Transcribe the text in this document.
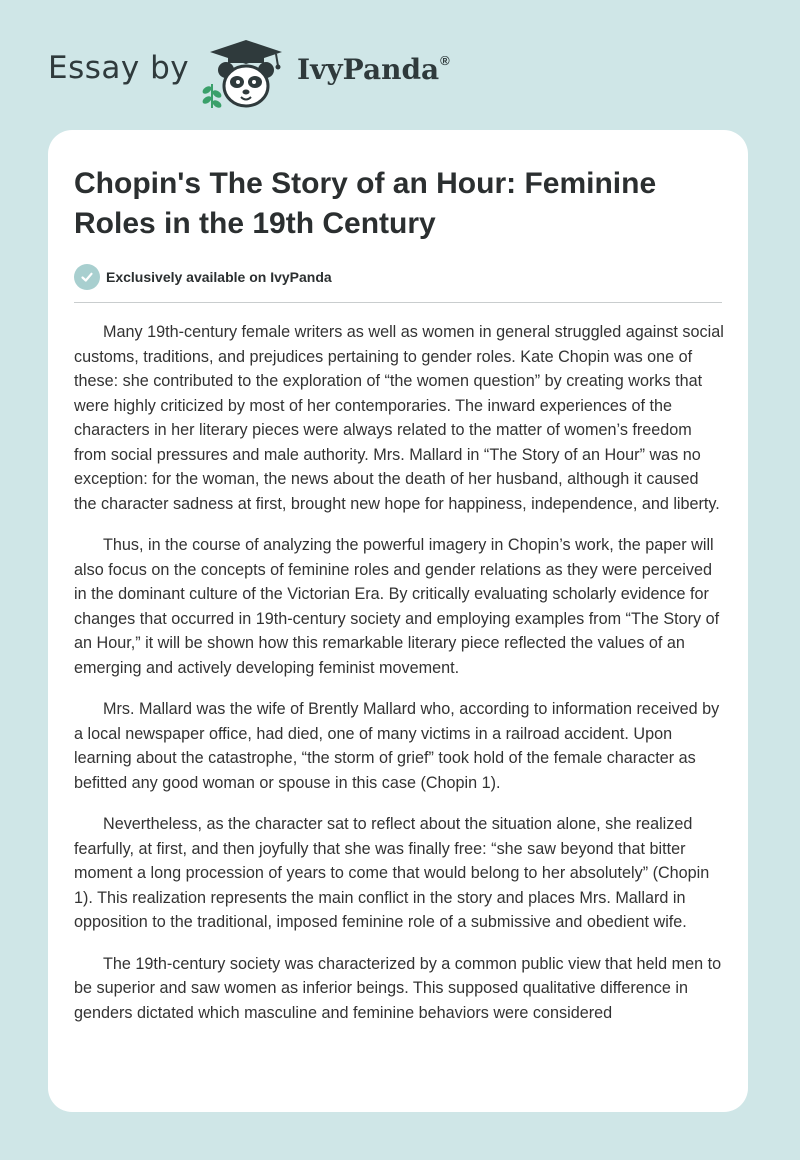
Essay by	IvyPanda®
Chopin's The Story of an Hour: Feminine Roles in the 19th Century
Exclusively available on IvyPanda

Many 19th-century female writers as well as women in general struggled against social customs, traditions, and prejudices pertaining to gender roles. Kate Chopin was one of these: she contributed to the exploration of “the women question” by creating works that were highly criticized by most of her contemporaries. The inward experiences of the characters in her literary pieces were always related to the matter of women’s freedom from social pressures and male authority. Mrs. Mallard in “The Story of an Hour” was no exception: for the woman, the news about the death of her husband, although it caused the character sadness at first, brought new hope for happiness, independence, and liberty.

Thus, in the course of analyzing the powerful imagery in Chopin’s work, the paper will also focus on the concepts of feminine roles and gender relations as they were perceived in the dominant culture of the Victorian Era. By critically evaluating scholarly evidence for changes that occurred in 19th-century society and employing examples from “The Story of an Hour,” it will be shown how this remarkable literary piece reflected the values of an emerging and actively developing feminist movement.

Mrs. Mallard was the wife of Brently Mallard who, according to information received by a local newspaper office, had died, one of many victims in a railroad accident. Upon learning about the catastrophe, “the storm of grief” took hold of the female character as befitted any good woman or spouse in this case (Chopin 1).

Nevertheless, as the character sat to reflect about the situation alone, she realized fearfully, at first, and then joyfully that she was finally free: “she saw beyond that bitter moment a long procession of years to come that would belong to her absolutely” (Chopin 1). This realization represents the main conflict in the story and places Mrs. Mallard in opposition to the traditional, imposed feminine role of a submissive and obedient wife.

The 19th-century society was characterized by a common public view that held men to be superior and saw women as inferior beings. This supposed qualitative difference in genders dictated which masculine and feminine behaviors were considered
